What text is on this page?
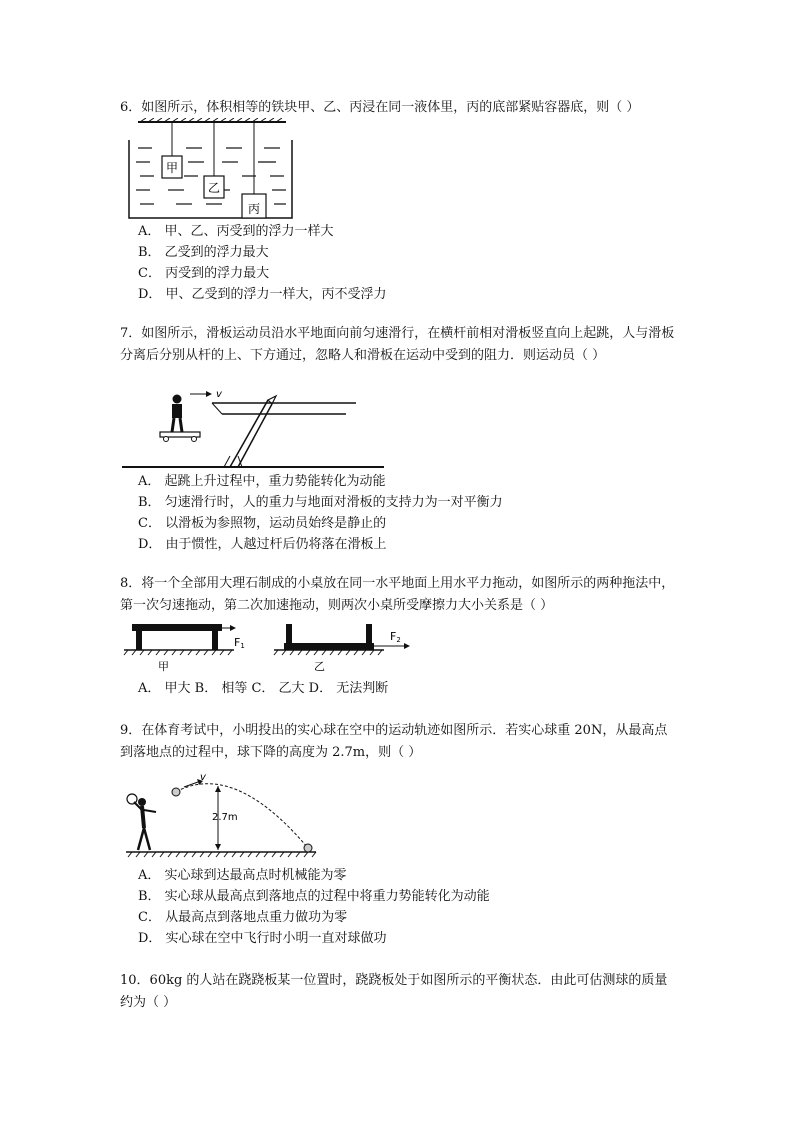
6．如图所示，体积相等的铁块甲、乙、丙浸在同一液体里，丙的底部紧贴容器底，则（ ）
甲
乙
丙
A． 甲、乙、丙受到的浮力一样大
B． 乙受到的浮力最大
C． 丙受到的浮力最大
D． 甲、乙受到的浮力一样大，丙不受浮力
7．如图所示，滑板运动员沿水平地面向前匀速滑行，在横杆前相对滑板竖直向上起跳，人与滑板分离后分别从杆的上、下方通过，忽略人和滑板在运动中受到的阻力．则运动员（ ）
v
A． 起跳上升过程中，重力势能转化为动能
B． 匀速滑行时，人的重力与地面对滑板的支持力为一对平衡力
C． 以滑板为参照物，运动员始终是静止的
D． 由于惯性，人越过杆后仍将落在滑板上
8．将一个全部用大理石制成的小桌放在同一水平地面上用水平力拖动，如图所示的两种拖法中，第一次匀速拖动，第二次加速拖动，则两次小桌所受摩擦力大小关系是（ ）
F1
甲
F2
乙
A． 甲大 B． 相等 C． 乙大 D． 无法判断
9．在体育考试中，小明投出的实心球在空中的运动轨迹如图所示．若实心球重 20N，从最高点到落地点的过程中，球下降的高度为 2.7m，则（ ）
v
2.7m
A． 实心球到达最高点时机械能为零
B． 实心球从最高点到落地点的过程中将重力势能转化为动能
C． 从最高点到落地点重力做功为零
D． 实心球在空中飞行时小明一直对球做功
10．60kg 的人站在跷跷板某一位置时，跷跷板处于如图所示的平衡状态．由此可估测球的质量约为（ ）
